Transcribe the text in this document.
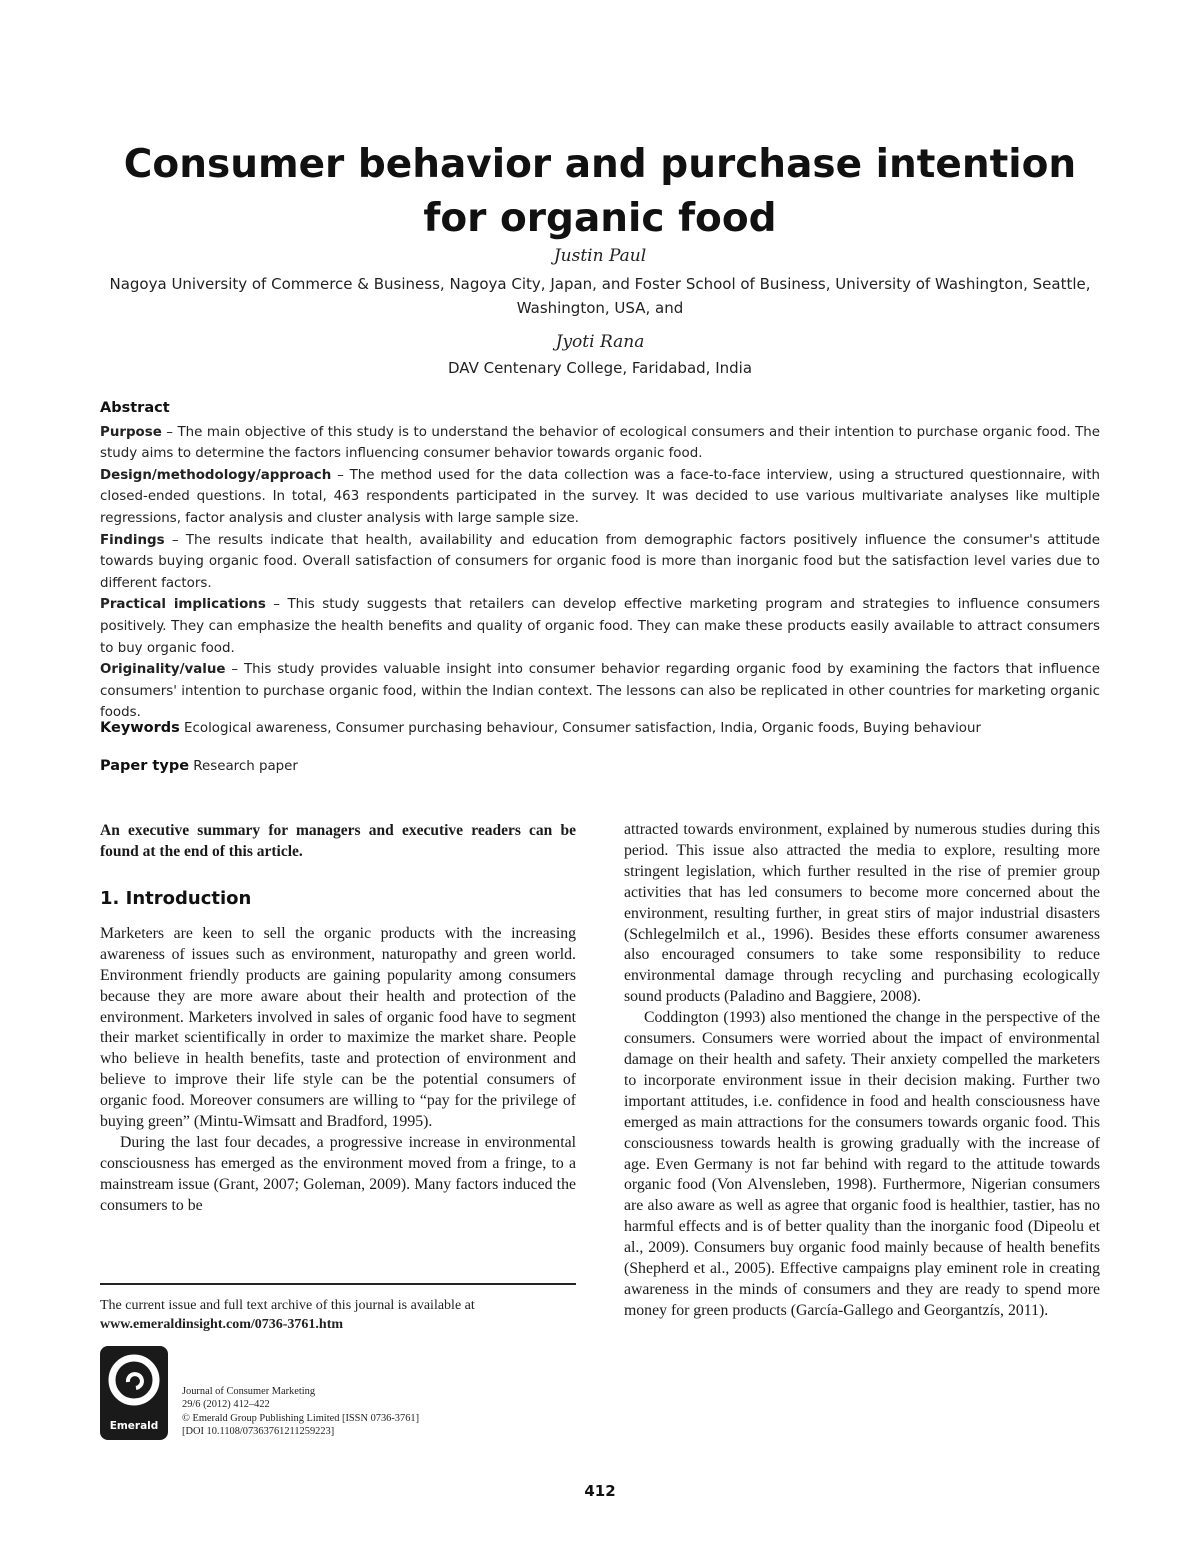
Consumer behavior and purchase intention for organic food
Justin Paul
Nagoya University of Commerce & Business, Nagoya City, Japan, and Foster School of Business, University of Washington, Seattle, Washington, USA, and
Jyoti Rana
DAV Centenary College, Faridabad, India
Abstract

Purpose – The main objective of this study is to understand the behavior of ecological consumers and their intention to purchase organic food. The study aims to determine the factors influencing consumer behavior towards organic food.

Design/methodology/approach – The method used for the data collection was a face-to-face interview, using a structured questionnaire, with closed-ended questions. In total, 463 respondents participated in the survey. It was decided to use various multivariate analyses like multiple regressions, factor analysis and cluster analysis with large sample size.

Findings – The results indicate that health, availability and education from demographic factors positively influence the consumer's attitude towards buying organic food. Overall satisfaction of consumers for organic food is more than inorganic food but the satisfaction level varies due to different factors.

Practical implications – This study suggests that retailers can develop effective marketing program and strategies to influence consumers positively. They can emphasize the health benefits and quality of organic food. They can make these products easily available to attract consumers to buy organic food.

Originality/value – This study provides valuable insight into consumer behavior regarding organic food by examining the factors that influence consumers' intention to purchase organic food, within the Indian context. The lessons can also be replicated in other countries for marketing organic foods.

Keywords Ecological awareness, Consumer purchasing behaviour, Consumer satisfaction, India, Organic foods, Buying behaviour
Paper type Research paper

An executive summary for managers and executive readers can be found at the end of this article.

1. Introduction

Marketers are keen to sell the organic products with the increasing awareness of issues such as environment, naturopathy and green world. Environment friendly products are gaining popularity among consumers because they are more aware about their health and protection of the environment. Marketers involved in sales of organic food have to segment their market scientifically in order to maximize the market share. People who believe in health benefits, taste and protection of environment and believe to improve their life style can be the potential consumers of organic food. Moreover consumers are willing to “pay for the privilege of buying green” (Mintu-Wimsatt and Bradford, 1995).

During the last four decades, a progressive increase in environmental consciousness has emerged as the environment moved from a fringe, to a mainstream issue (Grant, 2007; Goleman, 2009). Many factors induced the consumers to be

attracted towards environment, explained by numerous studies during this period. This issue also attracted the media to explore, resulting more stringent legislation, which further resulted in the rise of premier group activities that has led consumers to become more concerned about the environment, resulting further, in great stirs of major industrial disasters (Schlegelmilch et al., 1996). Besides these efforts consumer awareness also encouraged consumers to take some responsibility to reduce environmental damage through recycling and purchasing ecologically sound products (Paladino and Baggiere, 2008).

Coddington (1993) also mentioned the change in the perspective of the consumers. Consumers were worried about the impact of environmental damage on their health and safety. Their anxiety compelled the marketers to incorporate environment issue in their decision making. Further two important attitudes, i.e. confidence in food and health consciousness have emerged as main attractions for the consumers towards organic food. This consciousness towards health is growing gradually with the increase of age. Even Germany is not far behind with regard to the attitude towards organic food (Von Alvensleben, 1998). Furthermore, Nigerian consumers are also aware as well as agree that organic food is healthier, tastier, has no harmful effects and is of better quality than the inorganic food (Dipeolu et al., 2009). Consumers buy organic food mainly because of health benefits (Shepherd et al., 2005). Effective campaigns play eminent role in creating awareness in the minds of consumers and they are ready to spend more money for green products (García-Gallego and Georgantzís, 2011).

The current issue and full text archive of this journal is available at
www.emeraldinsight.com/0736-3761.htm
Emerald
Journal of Consumer Marketing
29/6 (2012) 412–422
© Emerald Group Publishing Limited [ISSN 0736-3761]
[DOI 10.1108/07363761211259223]
412
